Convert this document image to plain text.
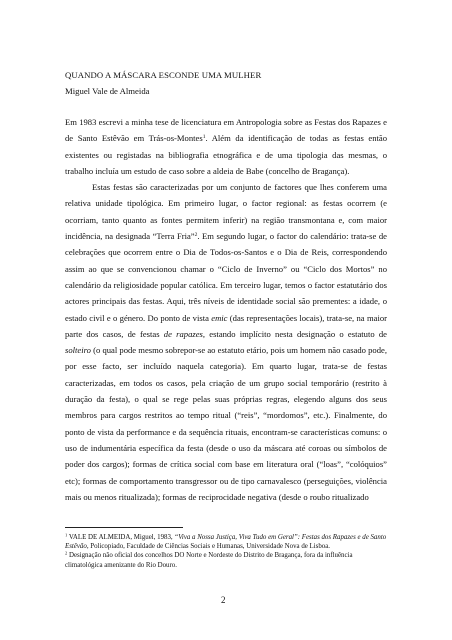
QUANDO A MÁSCARA ESCONDE UMA MULHER
Miguel Vale de Almeida

Em 1983 escrevi a minha tese de licenciatura em Antropologia sobre as Festas dos Rapazes e de Santo Estêvão em Trás-os-Montes$^1$. Além da identificação de todas as festas então existentes ou registadas na bibliografia etnográfica e de uma tipologia das mesmas, o trabalho incluía um estudo de caso sobre a aldeia de Babe (concelho de Bragança).

Estas festas são caracterizadas por um conjunto de factores que lhes conferem uma relativa unidade tipológica. Em primeiro lugar, o factor regional: as festas ocorrem (e ocorriam, tanto quanto as fontes permitem inferir) na região transmontana e, com maior incidência, na designada “Terra Fria”$^2$. Em segundo lugar, o factor do calendário: trata-se de celebrações que ocorrem entre o Dia de Todos-os-Santos e o Dia de Reis, correspondendo assim ao que se convencionou chamar o “Ciclo de Inverno” ou “Ciclo dos Mortos” no calendário da religiosidade popular católica. Em terceiro lugar, temos o factor estatutário dos actores principais das festas. Aqui, três níveis de identidade social são prementes: a idade, o estado civil e o género. Do ponto de vista emic (das representações locais), trata-se, na maior parte dos casos, de festas de rapazes, estando implícito nesta designação o estatuto de solteiro (o qual pode mesmo sobrepor-se ao estatuto etário, pois um homem não casado pode, por esse facto, ser incluído naquela categoria). Em quarto lugar, trata-se de festas caracterizadas, em todos os casos, pela criação de um grupo social temporário (restrito à duração da festa), o qual se rege pelas suas próprias regras, elegendo alguns dos seus membros para cargos restritos ao tempo ritual (“reis”, “mordomos”, etc.). Finalmente, do ponto de vista da performance e da sequência rituais, encontram-se características comuns: o uso de indumentária específica da festa (desde o uso da máscara até coroas ou símbolos de poder dos cargos); formas de crítica social com base em literatura oral (“loas”, “colóquios” etc); formas de comportamento transgressor ou de tipo carnavalesco (perseguições, violência mais ou menos ritualizada); formas de reciprocidade negativa (desde o roubo ritualizado

$^1$ VALE DE ALMEIDA, Miguel, 1983, “Viva a Nossa Justiça, Viva Tudo em Geral”: Festas dos Rapazes e de Santo Estêvão, Policopiado, Faculdade de Ciências Sociais e Humanas, Universidade Nova de Lisboa.

$^2$ Designação não oficial dos concelhos DO Norte e Nordeste do Distrito de Bragança, fora da influência climatológica amenizante do Rio Douro.

2
